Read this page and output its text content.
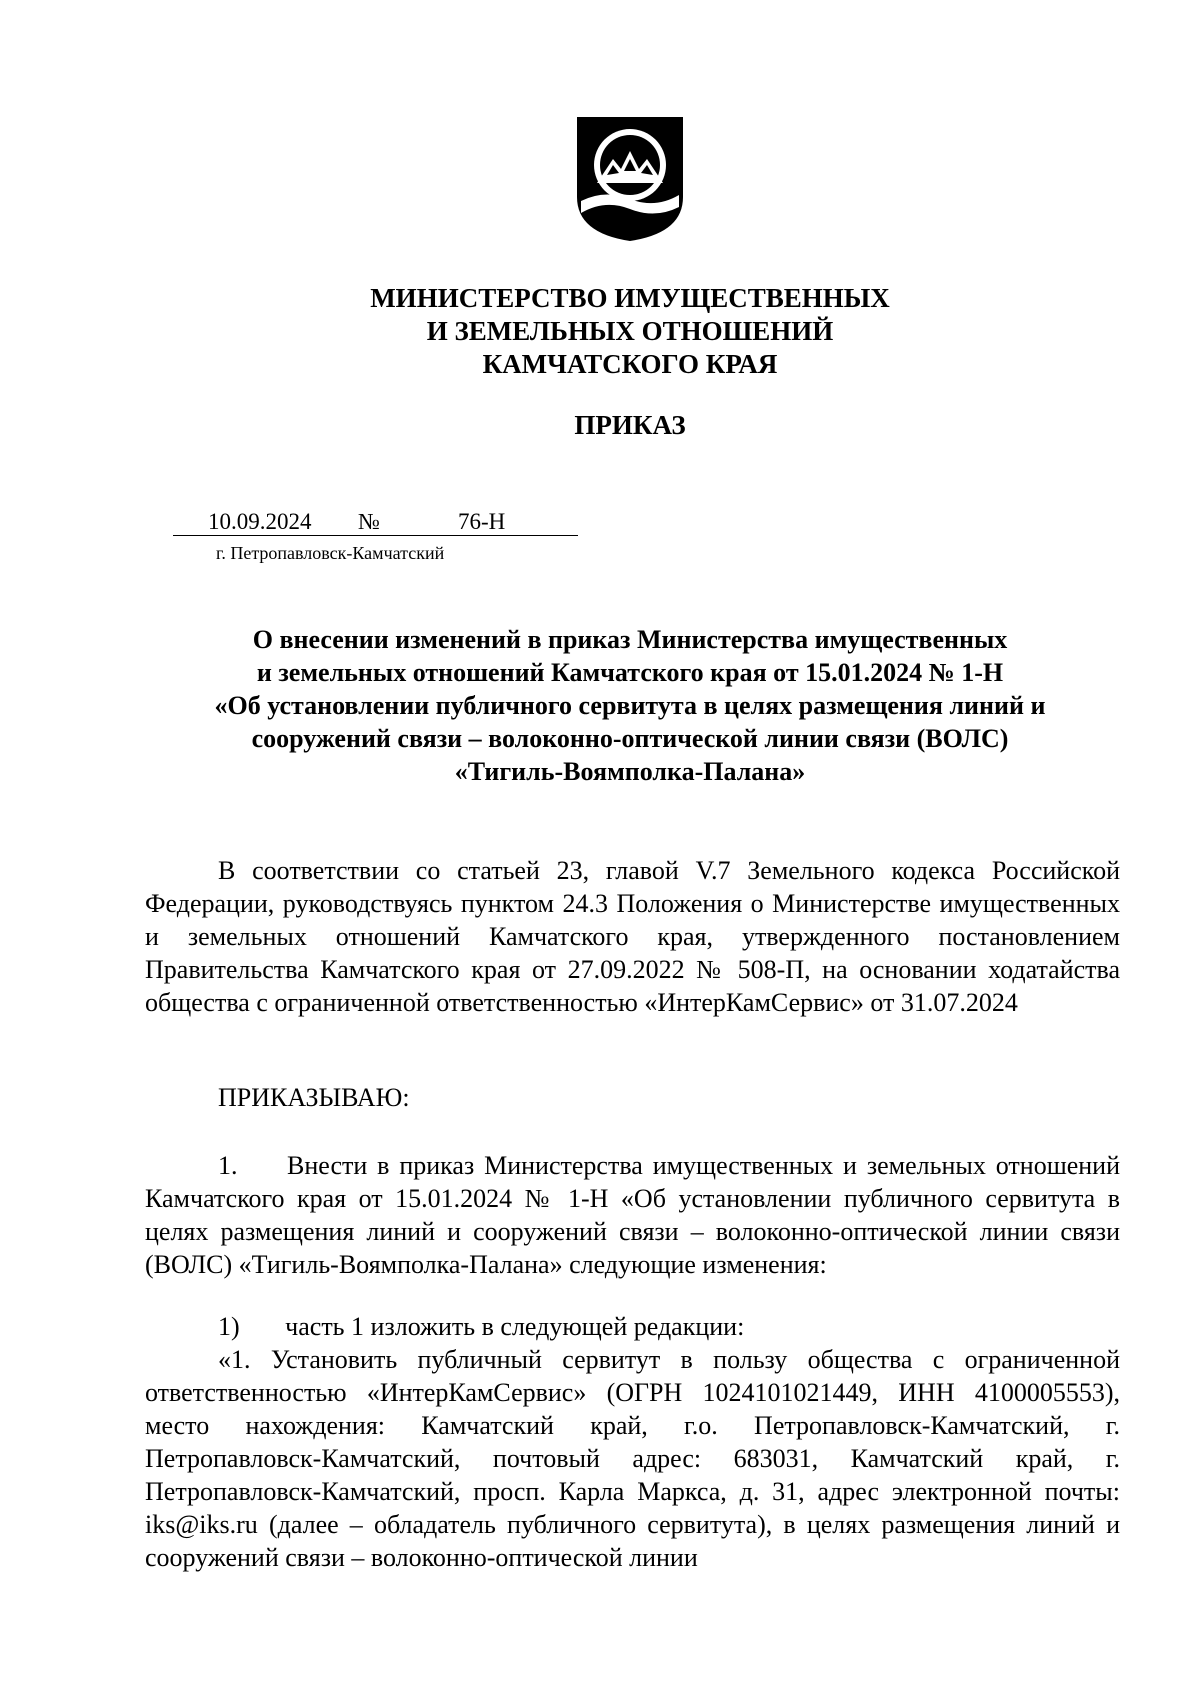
МИНИСТЕРСТВО ИМУЩЕСТВЕННЫХ
И ЗЕМЕЛЬНЫХ ОТНОШЕНИЙ
КАМЧАТСКОГО КРАЯ
ПРИКАЗ
10.09.2024 №	76-Н
г. Петропавловск-Камчатский
О внесении изменений в приказ Министерства имущественных
и земельных отношений Камчатского края от 15.01.2024 № 1-Н
«Об установлении публичного сервитута в целях размещения линий и
сооружений связи – волоконно-оптической линии связи (ВОЛС)
«Тигиль-Воямполка-Палана»

В соответствии со статьей 23, главой V.7 Земельного кодекса Российской Федерации, руководствуясь пунктом 24.3 Положения о Министерстве имущественных и земельных отношений Камчатского края, утвержденного постановлением Правительства Камчатского края от 27.09.2022 № 508-П, на основании ходатайства общества с ограниченной ответственностью «ИнтерКамСервис» от 31.07.2024

ПРИКАЗЫВАЮ:

1.     Внести в приказ Министерства имущественных и земельных отношений Камчатского края от 15.01.2024 № 1-Н «Об установлении публичного сервитута в целях размещения линий и сооружений связи – волоконно-оптической линии связи (ВОЛС) «Тигиль-Воямполка-Палана» следующие изменения:

1)       часть 1 изложить в следующей редакции:

«1. Установить публичный сервитут в пользу общества с ограниченной ответственностью «ИнтерКамСервис» (ОГРН 1024101021449, ИНН 4100005553), место нахождения: Камчатский край, г.о. Петропавловск-Камчатский, г. Петропавловск-Камчатский, почтовый адрес: 683031, Камчатский край, г. Петропавловск-Камчатский, просп. Карла Маркса, д. 31, адрес электронной почты: iks@iks.ru (далее – обладатель публичного сервитута), в целях размещения линий и сооружений связи – волоконно-оптической линии
